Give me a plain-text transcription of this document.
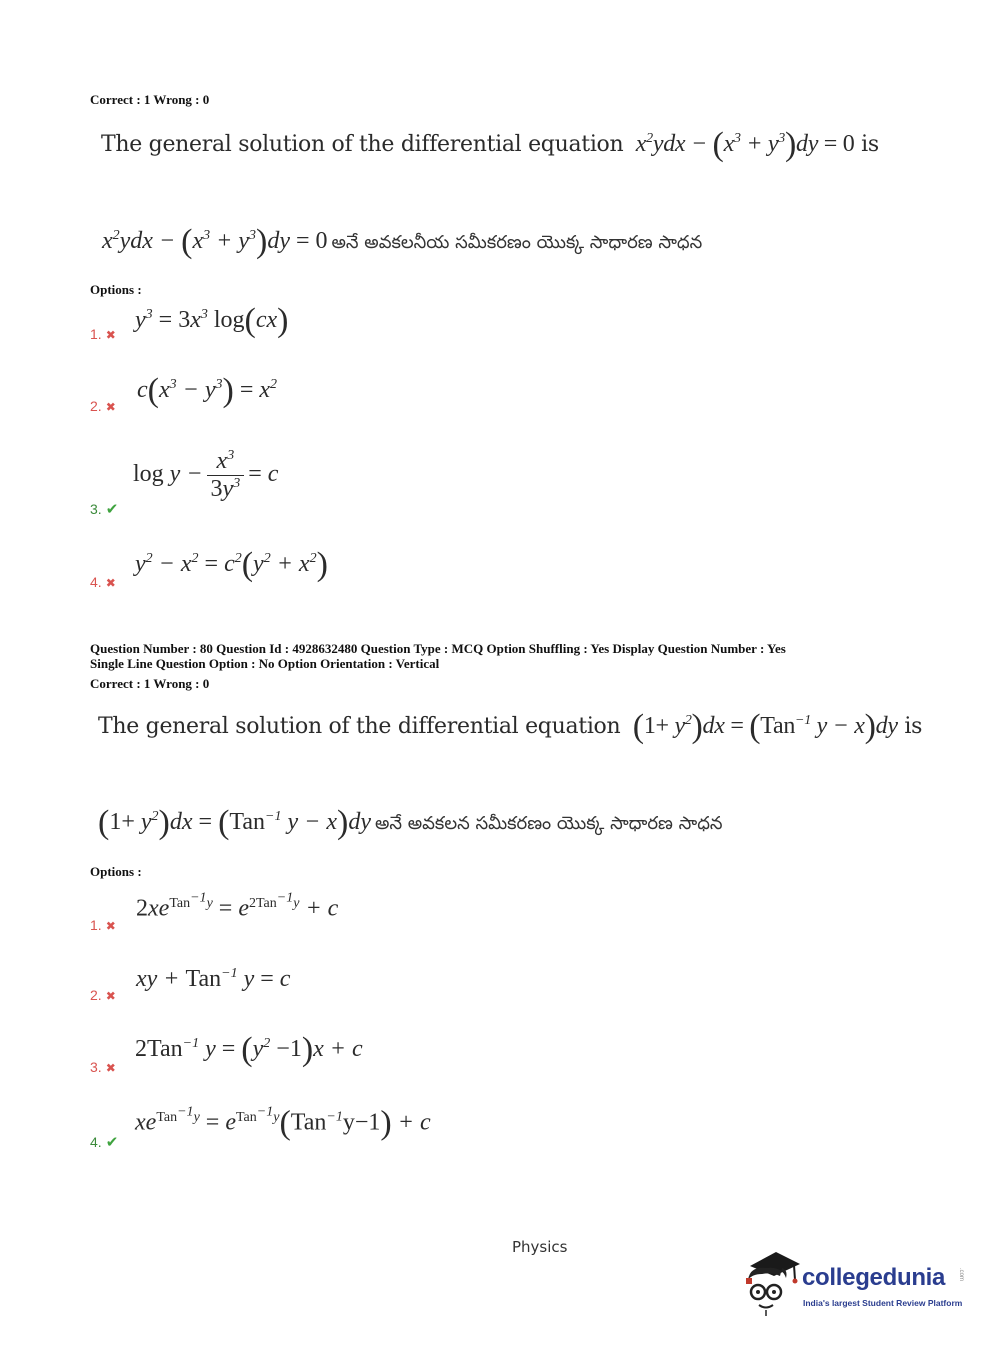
Correct : 1 Wrong : 0
The general solution of the differential equation  $x^2ydx - (x^3 + y^3)dy = 0$ is
$x^2ydx - (x^3 + y^3)dy = 0$ అనే అవకలనీయ సమీకరణం యొక్క సాధారణ సాధన
Options :
1. ✖
$y^3 = 3x^3$ log(cx)
2. ✖
$c(x^3 - y^3) = x^2$
3. ✔
$\log y - \frac{x^3}{3y^3} = c$
4. ✖
$y^2 - x^2 = c^2(y^2 + x^2)$
Question Number : 80 Question Id : 4928632480 Question Type : MCQ Option Shuffling : Yes Display Question Number : Yes
Single Line Question Option : No Option Orientation : Vertical
Correct : 1 Wrong : 0
The general solution of the differential equation $(1+ y^2)dx = (Tan^{-1}$ y − x)dy is
$(1+ y^2)dx = (Tan^{-1}$ y − x)dy అనే అవకలన సమీకరణం యొక్క సాధారణ సాధన
Options :
1. ✖
$2xe^{Tan^{-1}y} = e^{2Tan^{-1}y} + c$
2. ✖
xy + Tan$^{-1}$ y = c
3. ✖
2Tan$^{-1}$ $y = (y^2 -1)x + c$
4. ✔
$xe^{Tan^{-1}y} = e^{Tan^{-1}y}(Tan^{-1}y-1) + c$
Physics
collegedunia .com
India's largest Student Review Platform
